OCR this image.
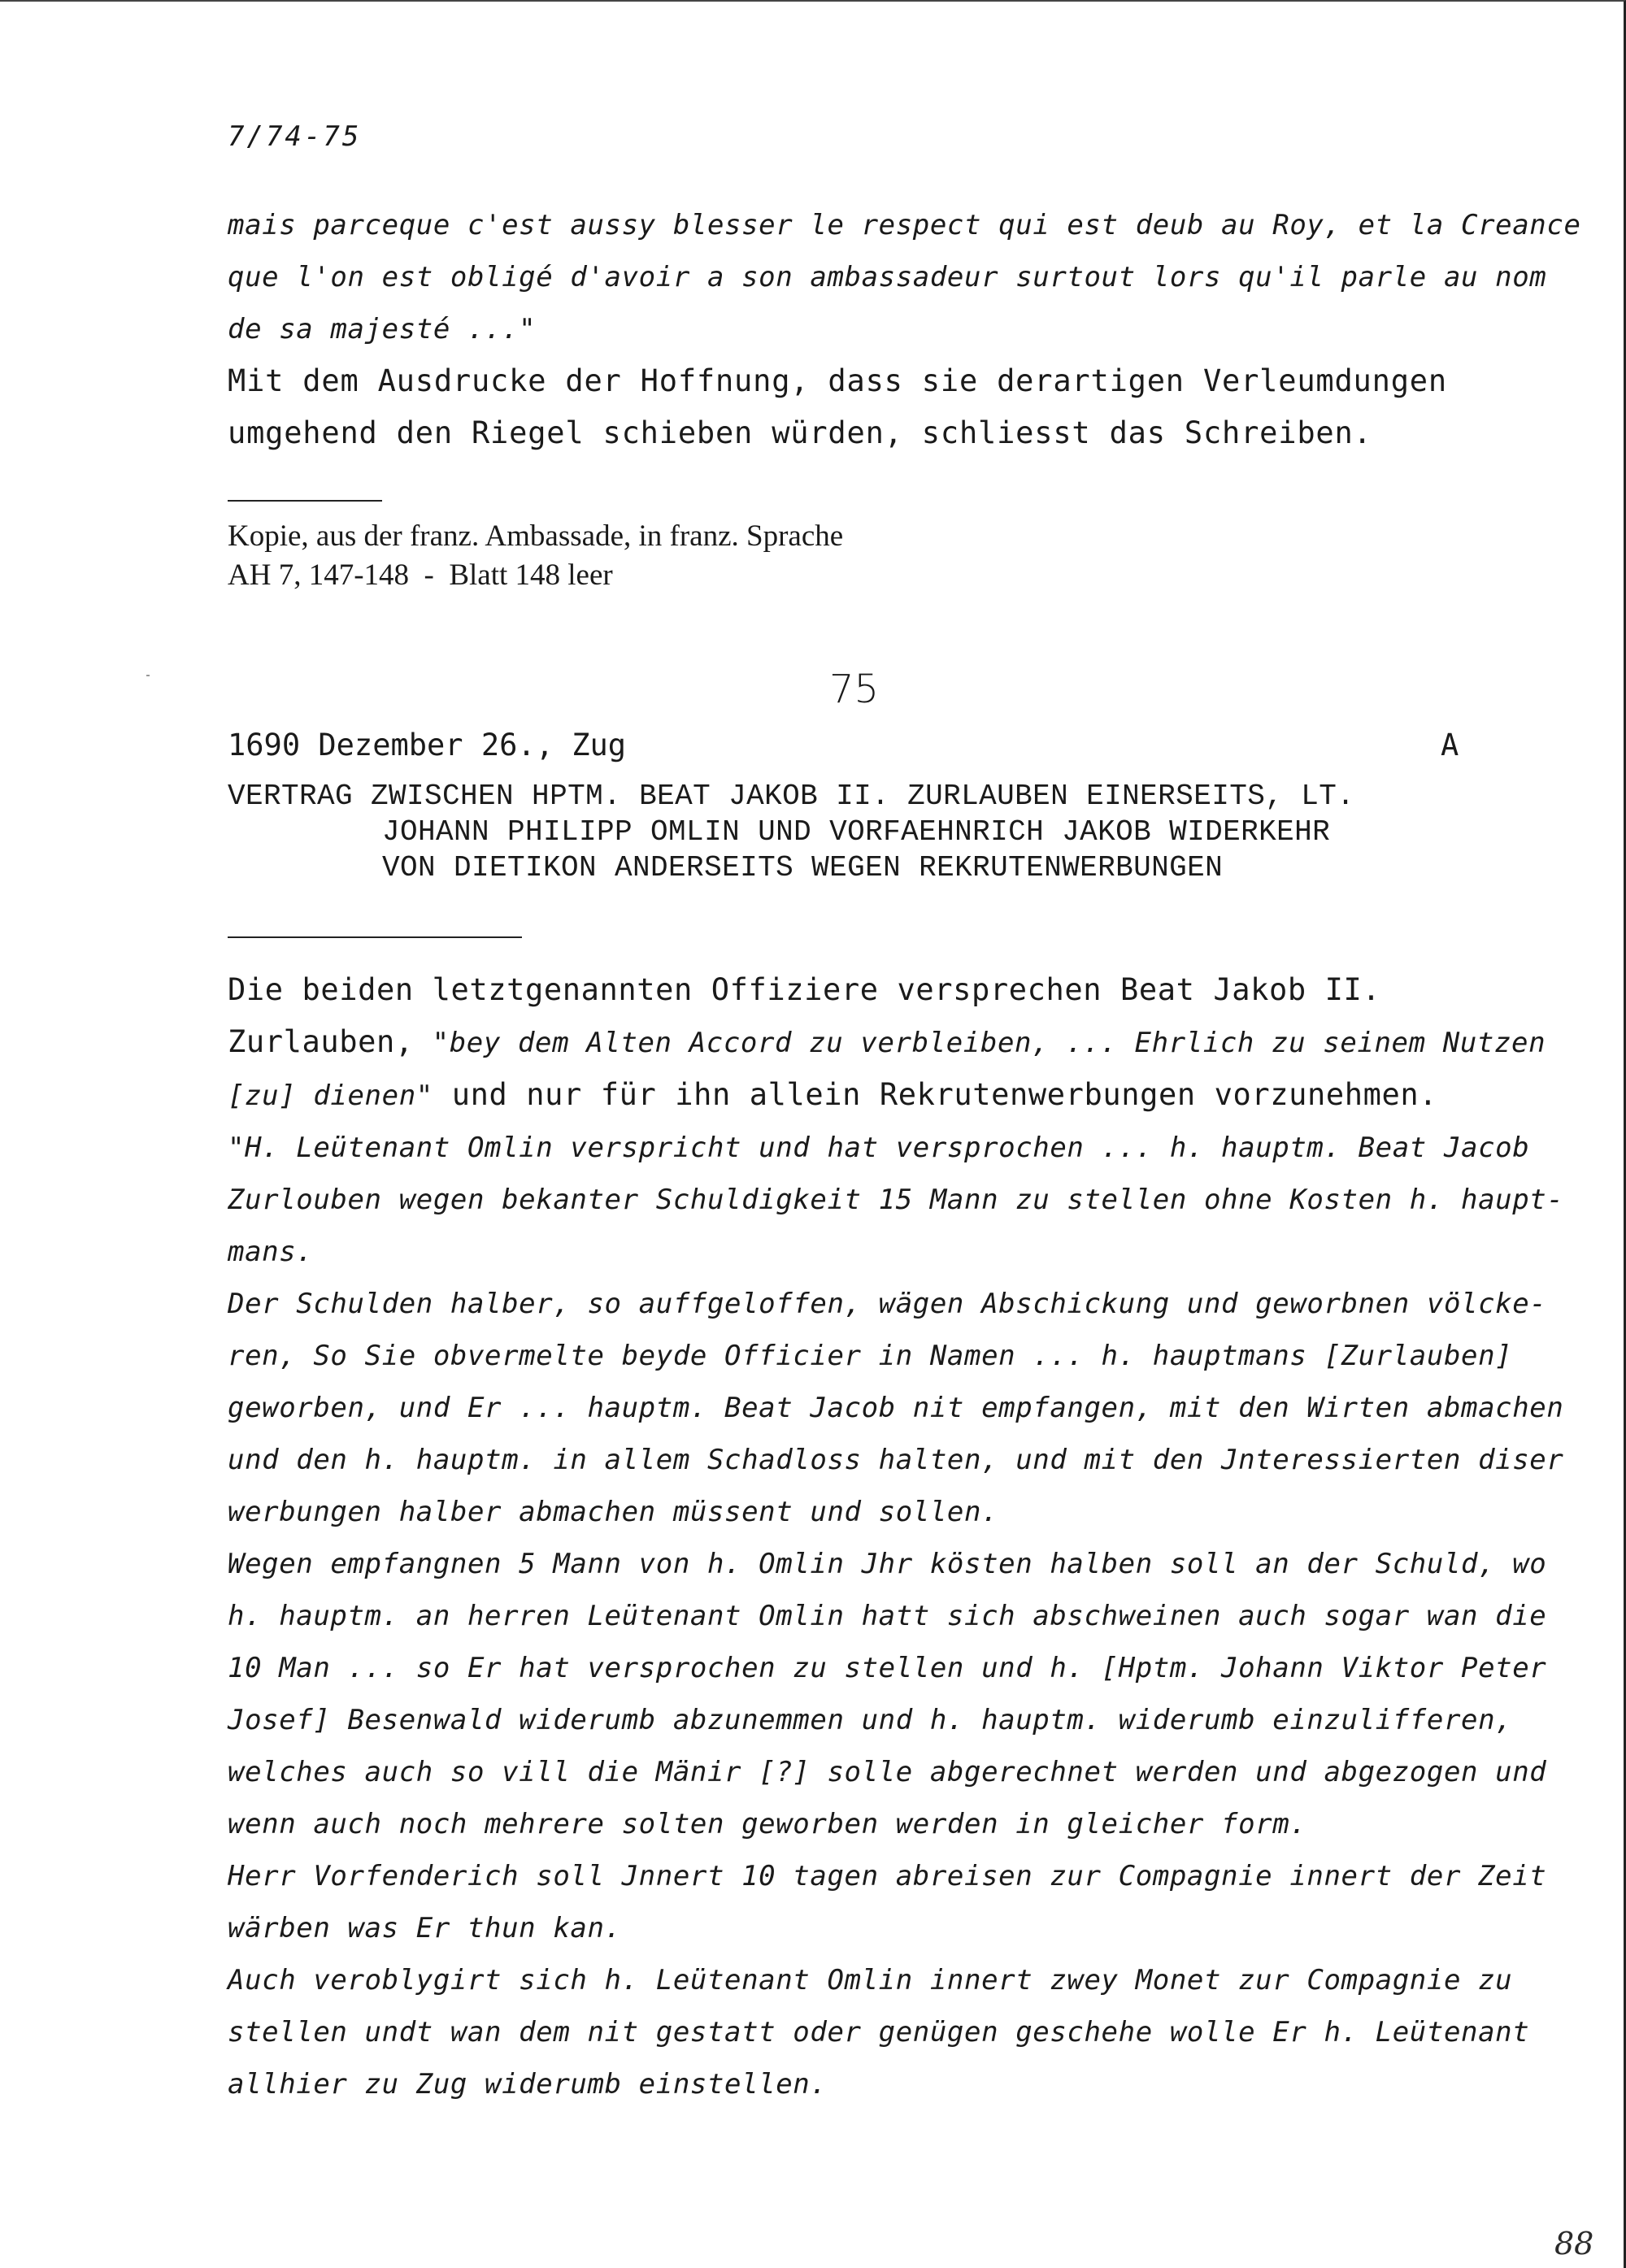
7/74-75
mais parceque c'est aussy blesser le respect qui est deub au Roy, et la Creance
que l'on est obligé d'avoir a son ambassadeur surtout lors qu'il parle au nom
de sa majesté ..."
Mit dem Ausdrucke der Hoffnung, dass sie derartigen Verleumdungen
umgehend den Riegel schieben würden, schliesst das Schreiben.
Kopie, aus der franz. Ambassade, in franz. Sprache
AH 7, 147-148  -  Blatt 148 leer
75
1690 Dezember 26., Zug	A
VERTRAG ZWISCHEN HPTM. BEAT JAKOB II. ZURLAUBEN EINERSEITS, LT.
JOHANN PHILIPP OMLIN UND VORFAEHNRICH JAKOB WIDERKEHR
VON DIETIKON ANDERSEITS WEGEN REKRUTENWERBUNGEN
Die beiden letztgenannten Offiziere versprechen Beat Jakob II.
Zurlauben, "bey dem Alten Accord zu verbleiben, ... Ehrlich zu seinem Nutzen
[zu] dienen" und nur für ihn allein Rekrutenwerbungen vorzunehmen.
"H. Leütenant Omlin verspricht und hat versprochen ... h. hauptm. Beat Jacob
Zurlouben wegen bekanter Schuldigkeit 15 Mann zu stellen ohne Kosten h. haupt-
mans.
Der Schulden halber, so auffgeloffen, wägen Abschickung und geworbnen völcke-
ren, So Sie obvermelte beyde Officier in Namen ... h. hauptmans [Zurlauben]
geworben, und Er ... hauptm. Beat Jacob nit empfangen, mit den Wirten abmachen
und den h. hauptm. in allem Schadloss halten, und mit den Jnteressierten diser
werbungen halber abmachen müssent und sollen.
Wegen empfangnen 5 Mann von h. Omlin Jhr kösten halben soll an der Schuld, wo
h. hauptm. an herren Leütenant Omlin hatt sich abschweinen auch sogar wan die
10 Man ... so Er hat versprochen zu stellen und h. [Hptm. Johann Viktor Peter
Josef] Besenwald widerumb abzunemmen und h. hauptm. widerumb einzulifferen,
welches auch so vill die Mänir [?] solle abgerechnet werden und abgezogen und
wenn auch noch mehrere solten geworben werden in gleicher form.
Herr Vorfenderich soll Jnnert 10 tagen abreisen zur Compagnie innert der Zeit
wärben was Er thun kan.
Auch veroblygirt sich h. Leütenant Omlin innert zwey Monet zur Compagnie zu
stellen undt wan dem nit gestatt oder genügen geschehe wolle Er h. Leütenant
allhier zu Zug widerumb einstellen.
88
